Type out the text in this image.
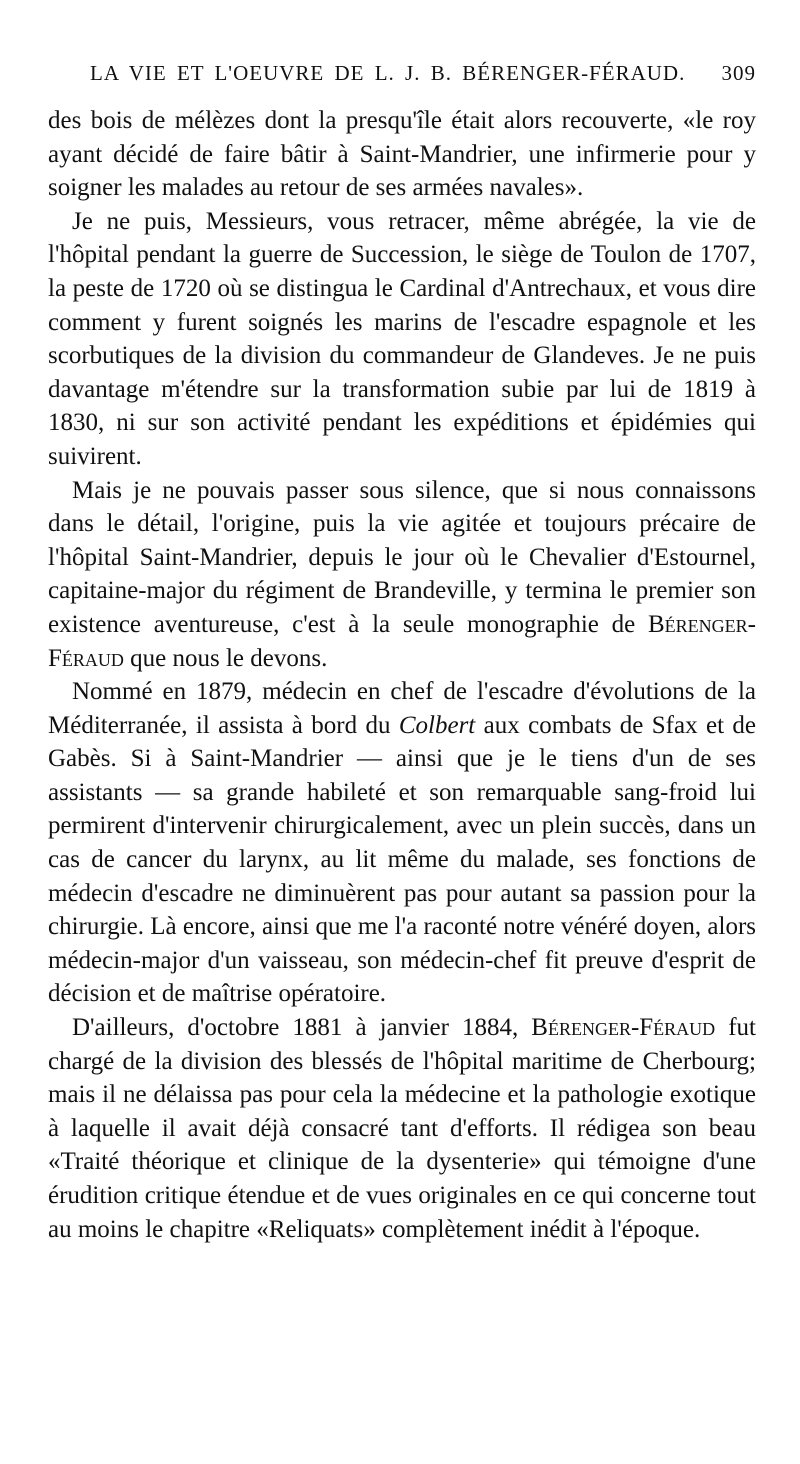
LA VIE ET L'OEUVRE DE L. J. B. BÉRENGER-FÉRAUD. 309

des bois de mélèzes dont la presqu'île était alors recouverte, «le roy ayant décidé de faire bâtir à Saint-Mandrier, une infirmerie pour y soigner les malades au retour de ses armées navales».

Je ne puis, Messieurs, vous retracer, même abrégée, la vie de l'hôpital pendant la guerre de Succession, le siège de Toulon de 1707, la peste de 1720 où se distingua le Cardinal d'Antrechaux, et vous dire comment y furent soignés les marins de l'escadre espagnole et les scorbutiques de la division du commandeur de Glandeves. Je ne puis davantage m'étendre sur la transformation subie par lui de 1819 à 1830, ni sur son activité pendant les expéditions et épidémies qui suivirent.

Mais je ne pouvais passer sous silence, que si nous connaissons dans le détail, l'origine, puis la vie agitée et toujours précaire de l'hôpital Saint-Mandrier, depuis le jour où le Chevalier d'Estournel, capitaine-major du régiment de Brandeville, y termina le premier son existence aventureuse, c'est à la seule monographie de Bérenger-Féraud que nous le devons.

Nommé en 1879, médecin en chef de l'escadre d'évolutions de la Méditerranée, il assista à bord du Colbert aux combats de Sfax et de Gabès. Si à Saint-Mandrier — ainsi que je le tiens d'un de ses assistants — sa grande habileté et son remarquable sang-froid lui permirent d'intervenir chirurgicalement, avec un plein succès, dans un cas de cancer du larynx, au lit même du malade, ses fonctions de médecin d'escadre ne diminuèrent pas pour autant sa passion pour la chirurgie. Là encore, ainsi que me l'a raconté notre vénéré doyen, alors médecin-major d'un vaisseau, son médecin-chef fit preuve d'esprit de décision et de maîtrise opératoire.

D'ailleurs, d'octobre 1881 à janvier 1884, Bérenger-Féraud fut chargé de la division des blessés de l'hôpital maritime de Cherbourg; mais il ne délaissa pas pour cela la médecine et la pathologie exotique à laquelle il avait déjà consacré tant d'efforts. Il rédigea son beau «Traité théorique et clinique de la dysenterie» qui témoigne d'une érudition critique étendue et de vues originales en ce qui concerne tout au moins le chapitre «Reliquats» complètement inédit à l'époque.
